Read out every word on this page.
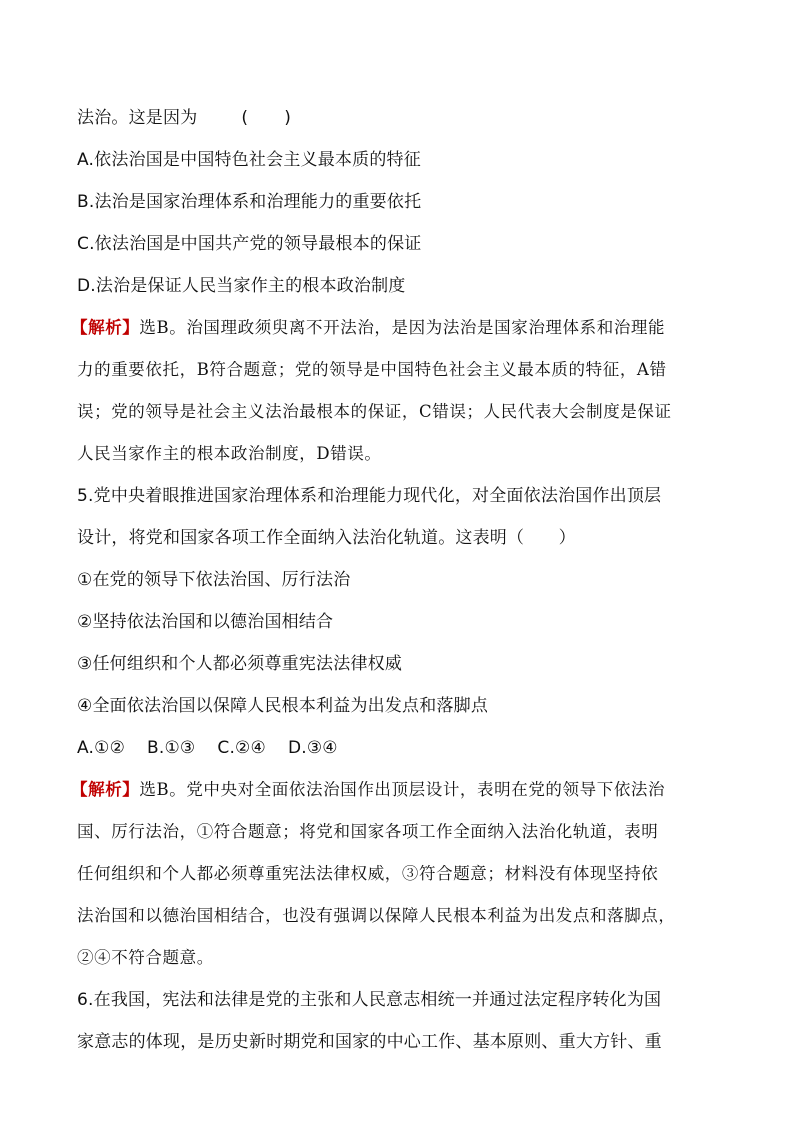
法治。这是因为	( )
A.依法治国是中国特色社会主义最本质的特征
B.法治是国家治理体系和治理能力的重要依托
C.依法治国是中国共产党的领导最根本的保证
D.法治是保证人民当家作主的根本政治制度
【解析】选B。治国理政须臾离不开法治，是因为法治是国家治理体系和治理能
力的重要依托，B符合题意；党的领导是中国特色社会主义最本质的特征，A错
误；党的领导是社会主义法治最根本的保证，C错误；人民代表大会制度是保证
人民当家作主的根本政治制度，D错误。
5.党中央着眼推进国家治理体系和治理能力现代化，对全面依法治国作出顶层
设计，将党和国家各项工作全面纳入法治化轨道。这表明（　　）
①在党的领导下依法治国、厉行法治
②坚持依法治国和以德治国相结合
③任何组织和个人都必须尊重宪法法律权威
④全面依法治国以保障人民根本利益为出发点和落脚点
A.①② B.①③ C.②④ D.③④
【解析】选B。党中央对全面依法治国作出顶层设计，表明在党的领导下依法治
国、厉行法治，①符合题意；将党和国家各项工作全面纳入法治化轨道，表明
任何组织和个人都必须尊重宪法法律权威，③符合题意；材料没有体现坚持依
法治国和以德治国相结合，也没有强调以保障人民根本利益为出发点和落脚点，
②④不符合题意。
6.在我国，宪法和法律是党的主张和人民意志相统一并通过法定程序转化为国
家意志的体现，是历史新时期党和国家的中心工作、基本原则、重大方针、重
